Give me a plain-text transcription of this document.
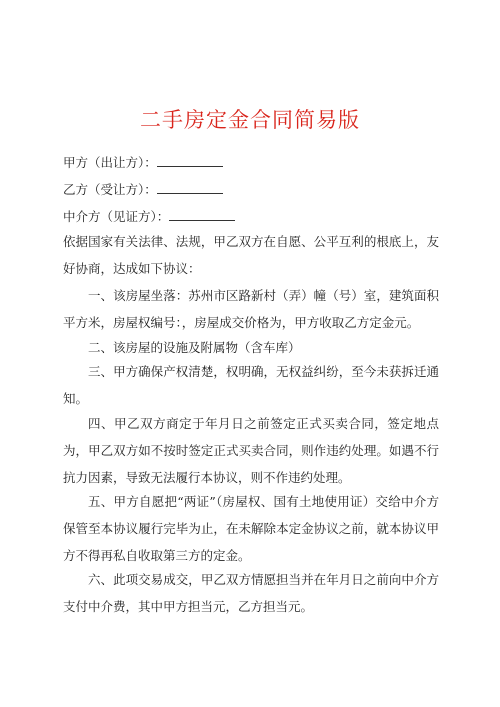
二手房定金合同简易版
甲方（出让方）：
乙方（受让方）：
中介方（见证方）：
依据国家有关法律、法规，甲乙双方在自愿、公平互利的根底上，友好协商，达成如下协议：
一、该房屋坐落：苏州市区路新村（弄）幢（号）室，建筑面积平方米，房屋权编号：，房屋成交价格为，甲方收取乙方定金元。
二、该房屋的设施及附属物（含车库）
三、甲方确保产权清楚，权明确，无权益纠纷，至今未获拆迁通知。
四、甲乙双方商定于年月日之前签定正式买卖合同，签定地点为，甲乙双方如不按时签定正式买卖合同，则作违约处理。如遇不行抗力因素，导致无法履行本协议，则不作违约处理。
五、甲方自愿把“两证”（房屋权、国有土地使用证）交给中介方保管至本协议履行完毕为止，在未解除本定金协议之前，就本协议甲方不得再私自收取第三方的定金。
六、此项交易成交，甲乙双方情愿担当并在年月日之前向中介方支付中介费，其中甲方担当元，乙方担当元。
